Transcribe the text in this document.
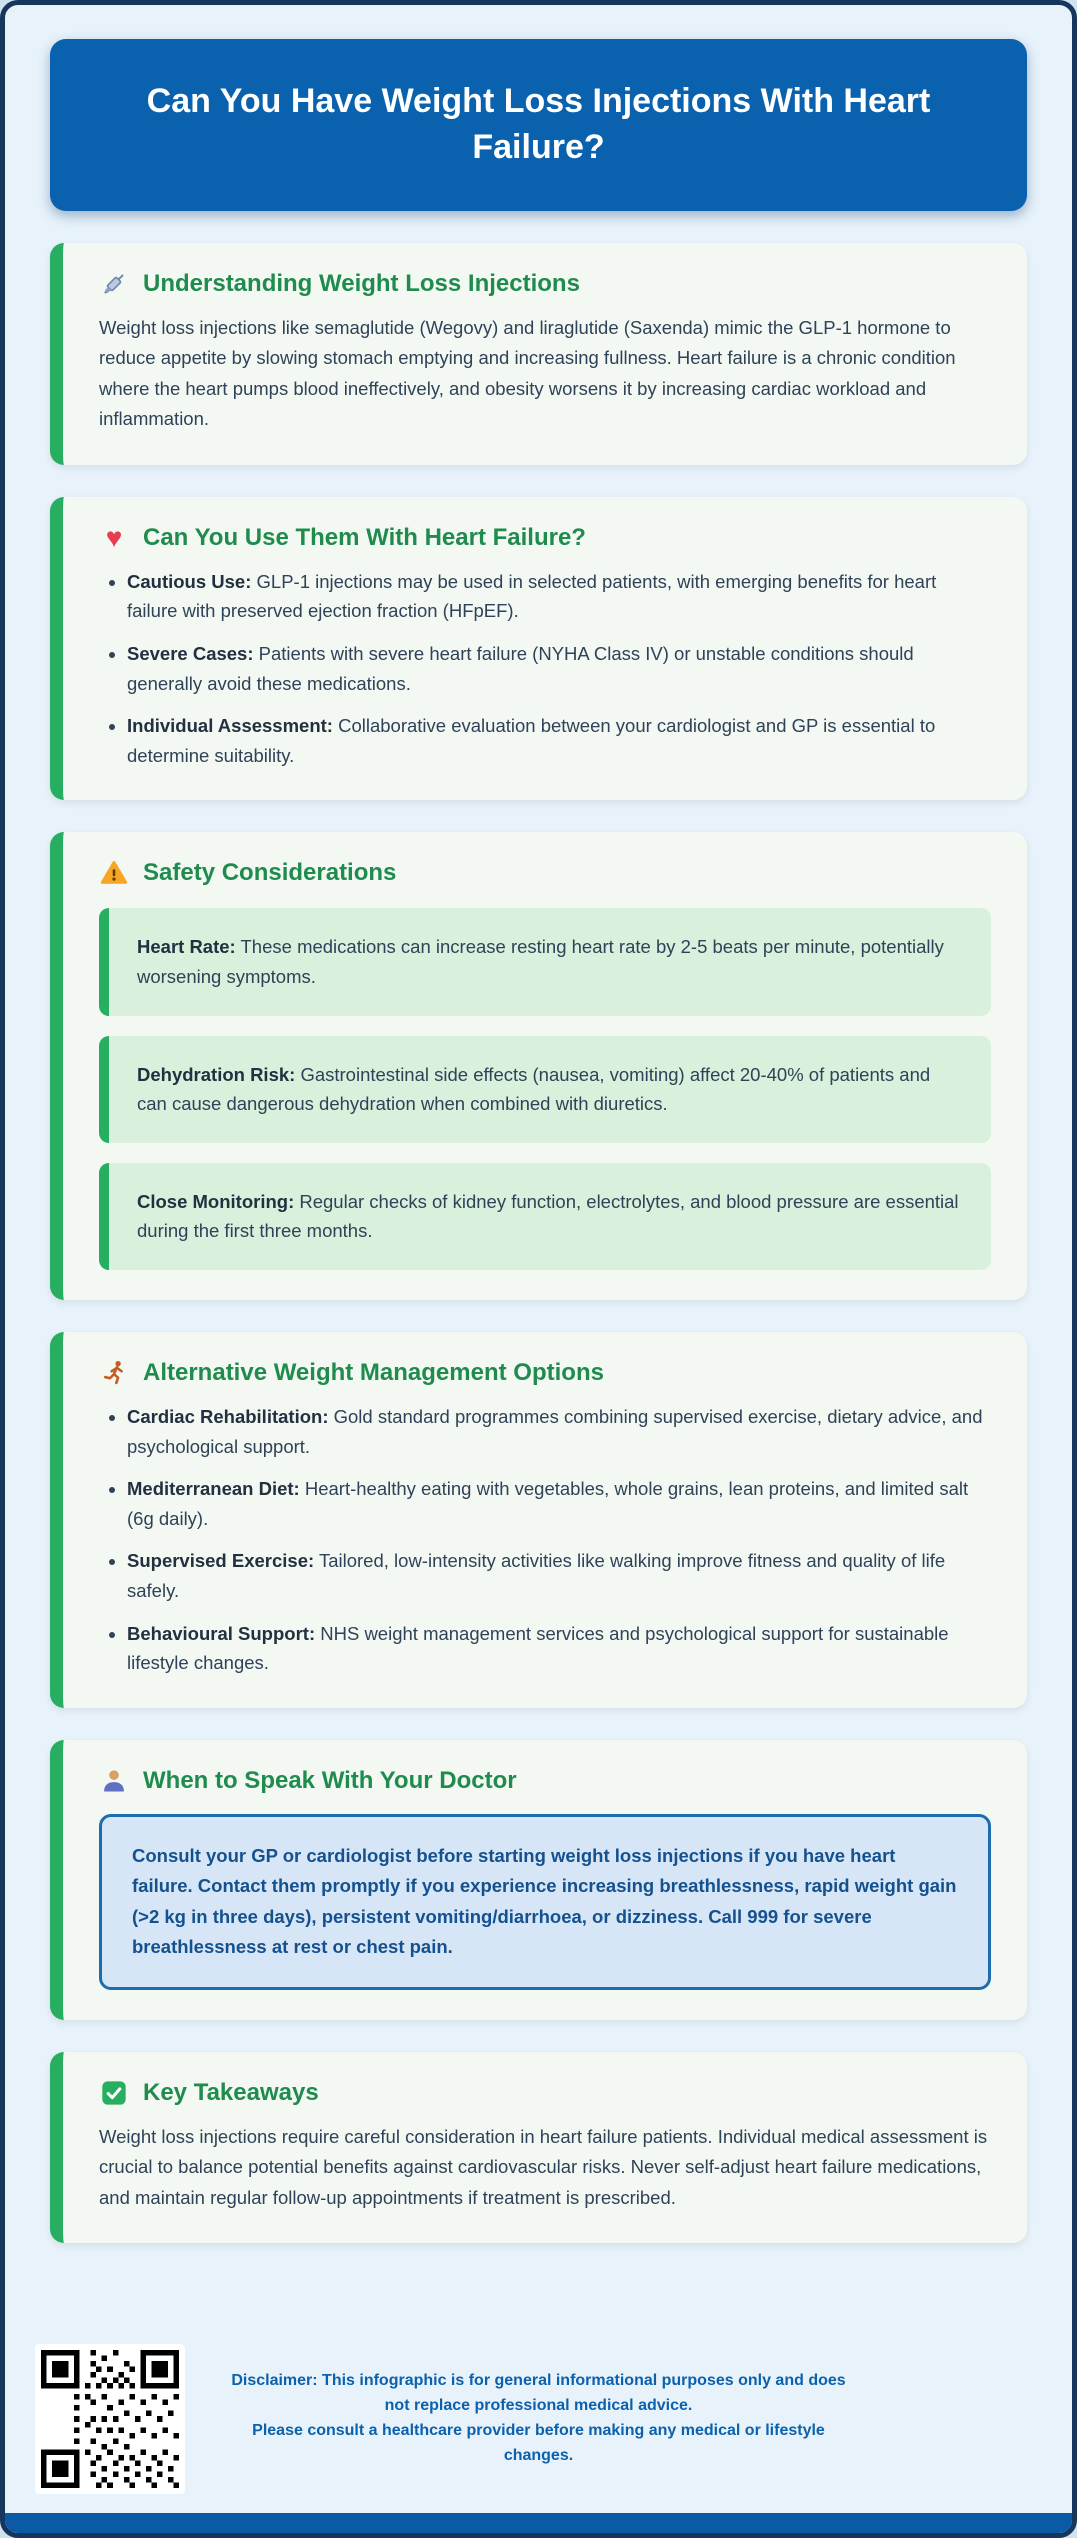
Can You Have Weight Loss Injections With Heart Failure?
Understanding Weight Loss Injections

Weight loss injections like semaglutide (Wegovy) and liraglutide (Saxenda) mimic the GLP-1 hormone to reduce appetite by slowing stomach emptying and increasing fullness. Heart failure is a chronic condition where the heart pumps blood ineffectively, and obesity worsens it by increasing cardiac workload and inflammation.

♥ Can You Use Them With Heart Failure?
• Cautious Use: GLP-1 injections may be used in selected patients, with emerging benefits for heart failure with preserved ejection fraction (HFpEF).
• Severe Cases: Patients with severe heart failure (NYHA Class IV) or unstable conditions should generally avoid these medications.
• Individual Assessment: Collaborative evaluation between your cardiologist and GP is essential to determine suitability.
Safety Considerations
Heart Rate: These medications can increase resting heart rate by 2-5 beats per minute, potentially worsening symptoms.
Dehydration Risk: Gastrointestinal side effects (nausea, vomiting) affect 20-40% of patients and can cause dangerous dehydration when combined with diuretics.
Close Monitoring: Regular checks of kidney function, electrolytes, and blood pressure are essential during the first three months.
Alternative Weight Management Options
• Cardiac Rehabilitation: Gold standard programmes combining supervised exercise, dietary advice, and psychological support.
• Mediterranean Diet: Heart-healthy eating with vegetables, whole grains, lean proteins, and limited salt (6g daily).
• Supervised Exercise: Tailored, low-intensity activities like walking improve fitness and quality of life safely.
• Behavioural Support: NHS weight management services and psychological support for sustainable lifestyle changes.
When to Speak With Your Doctor
Consult your GP or cardiologist before starting weight loss injections if you have heart failure. Contact them promptly if you experience increasing breathlessness, rapid weight gain (>2 kg in three days), persistent vomiting/diarrhoea, or dizziness. Call 999 for severe breathlessness at rest or chest pain.
Key Takeaways

Weight loss injections require careful consideration in heart failure patients. Individual medical assessment is crucial to balance potential benefits against cardiovascular risks. Never self-adjust heart failure medications, and maintain regular follow-up appointments if treatment is prescribed.

Disclaimer: This infographic is for general informational purposes only and does not replace professional medical advice.
Please consult a healthcare provider before making any medical or lifestyle changes.
